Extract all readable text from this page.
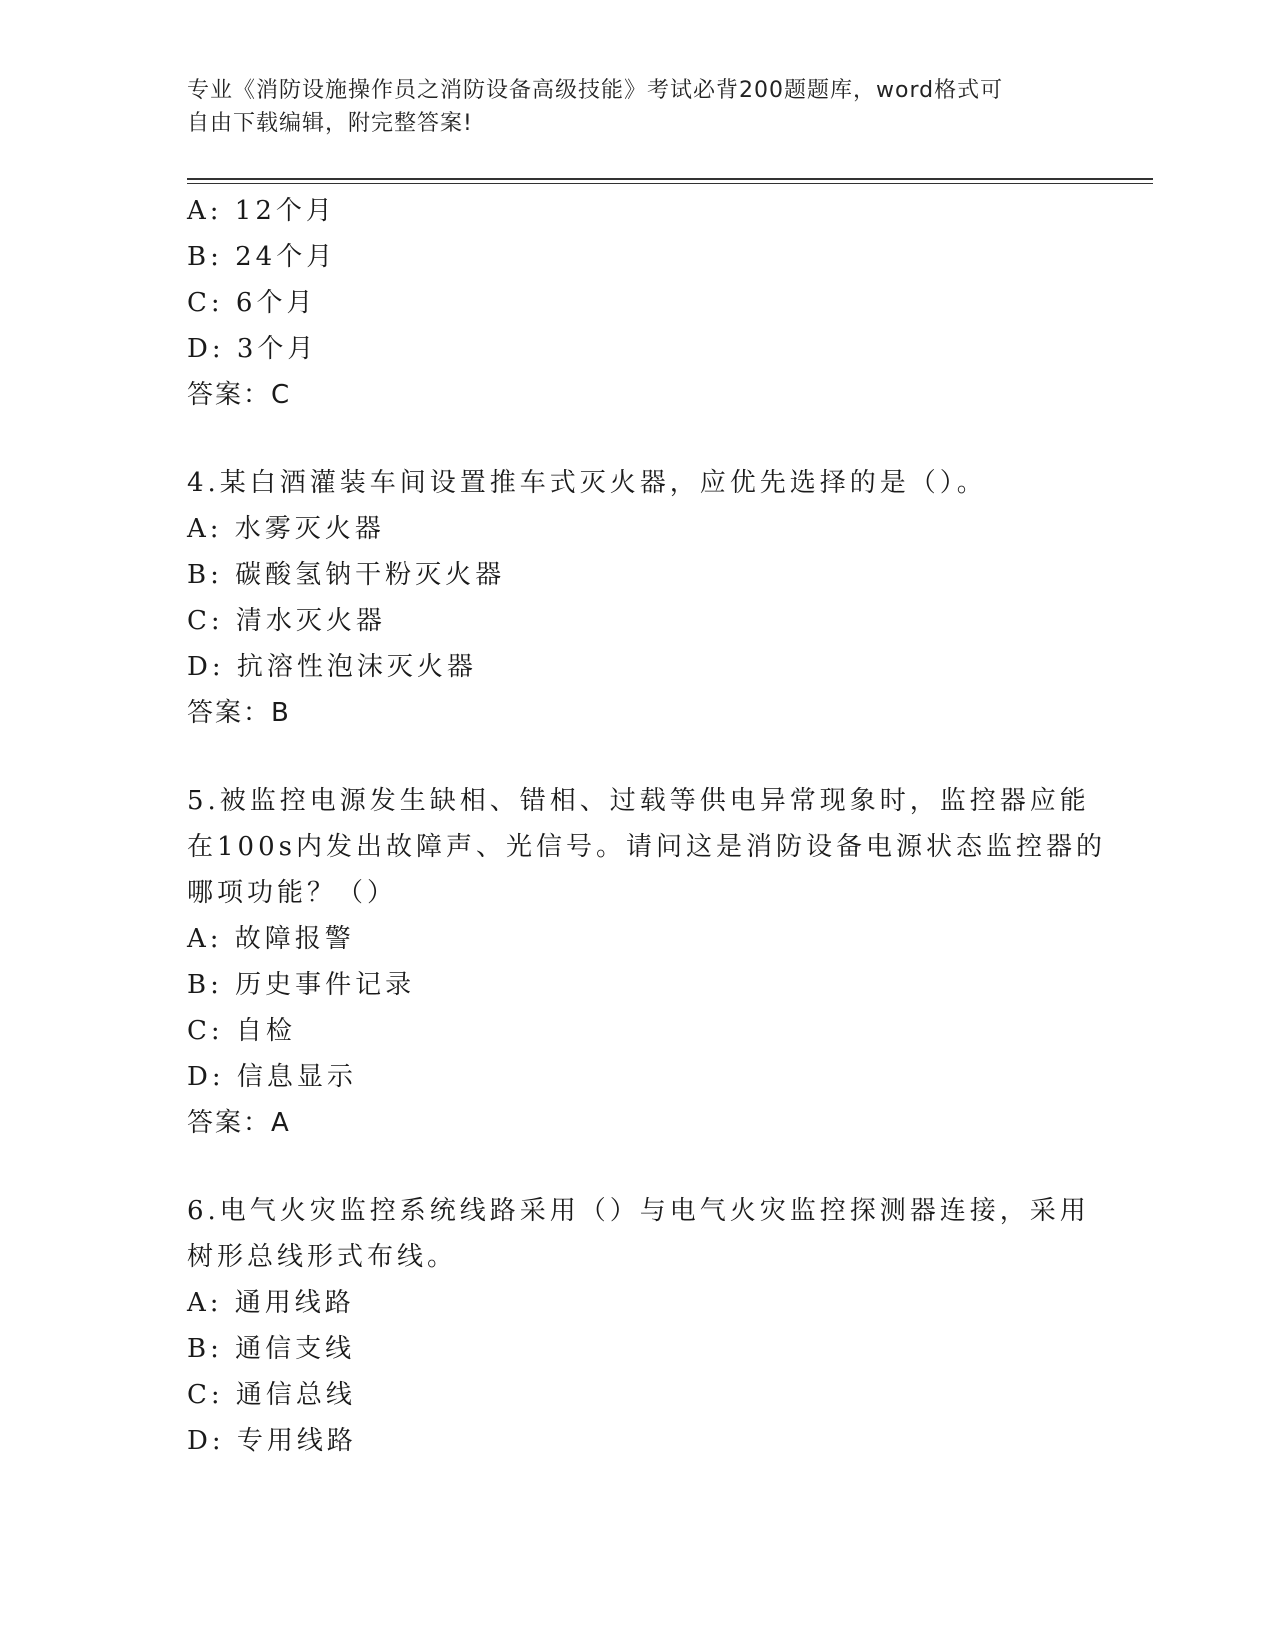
专业《消防设施操作员之消防设备高级技能》考试必背200题题库，word格式可
自由下载编辑，附完整答案!
A: 12个月
B: 24个月
C: 6个月
D: 3个月
答案：C
4.某白酒灌装车间设置推车式灭火器，应优先选择的是（）。
A: 水雾灭火器
B: 碳酸氢钠干粉灭火器
C: 清水灭火器
D: 抗溶性泡沫灭火器
答案：B
5.被监控电源发生缺相、错相、过载等供电异常现象时，监控器应能
在100s内发出故障声、光信号。请问这是消防设备电源状态监控器的
哪项功能？（）
A: 故障报警
B: 历史事件记录
C: 自检
D: 信息显示
答案：A
6.电气火灾监控系统线路采用（）与电气火灾监控探测器连接，采用
树形总线形式布线。
A: 通用线路
B: 通信支线
C: 通信总线
D: 专用线路
